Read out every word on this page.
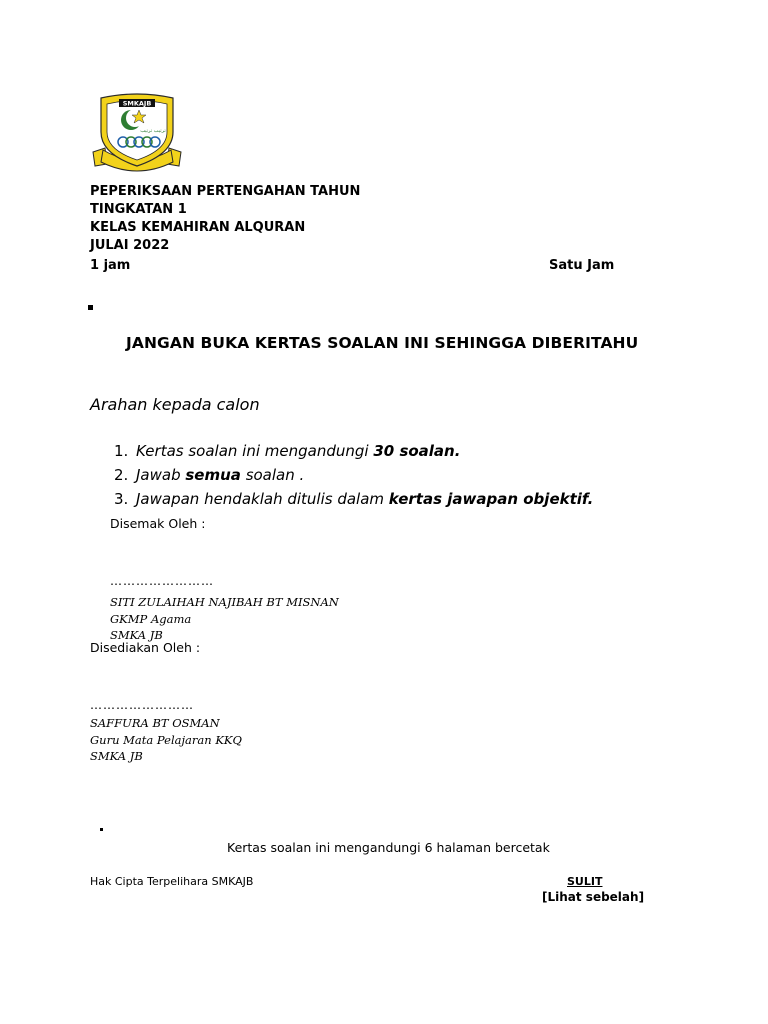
SMKAJB
ترتيب ترتيب
PEPERIKSAAN PERTENGAHAN TAHUN
TINGKATAN 1
KELAS KEMAHIRAN ALQURAN
JULAI 2022
1 jam	Satu Jam
JANGAN BUKA KERTAS SOALAN INI SEHINGGA DIBERITAHU
Arahan kepada calon
1. Kertas soalan ini mengandungi 30 soalan.
2. Jawab semua soalan .
3. Jawapan hendaklah ditulis dalam kertas jawapan objektif.
Disemak Oleh :
……………………
SITI ZULAIHAH NAJIBAH BT MISNAN
GKMP Agama
SMKA JB
Disediakan Oleh :
……………………
SAFFURA BT OSMAN
Guru Mata Pelajaran KKQ
SMKA JB
Kertas soalan ini mengandungi 6 halaman bercetak
Hak Cipta Terpelihara SMKAJB	SULIT
[Lihat sebelah]
